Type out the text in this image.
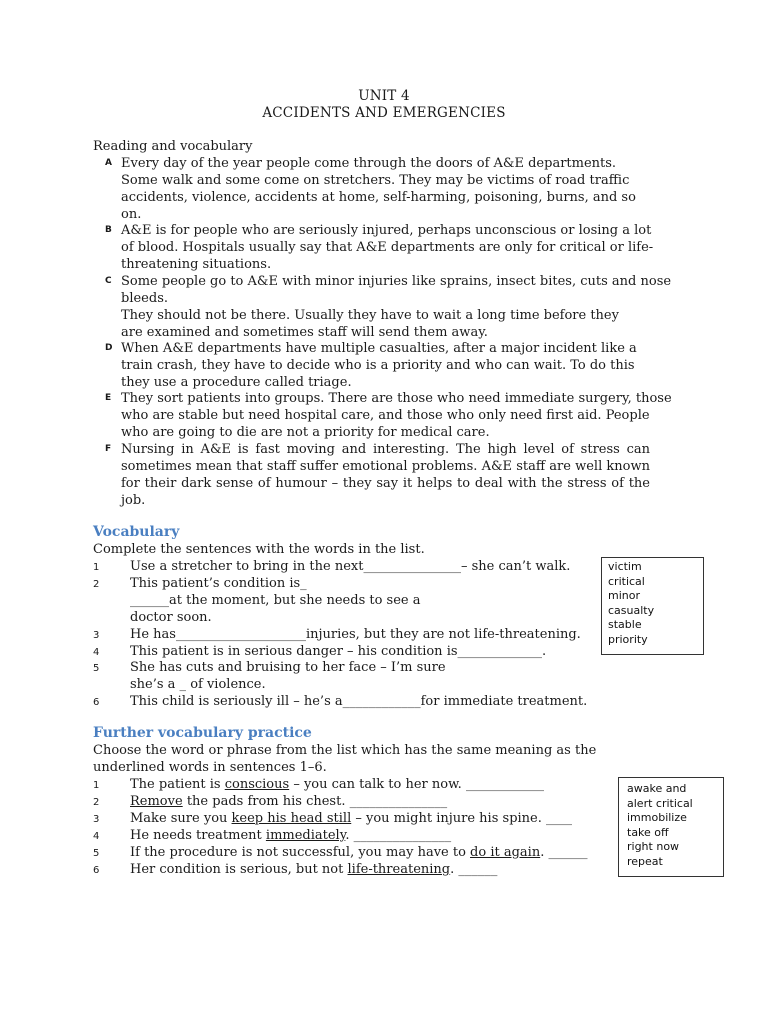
UNIT 4
ACCIDENTS AND EMERGENCIES
Reading and vocabulary
A Every day of the year people come through the doors of A&E departments.
Some walk and some come on stretchers. They may be victims of road traffic
accidents, violence, accidents at home, self-harming, poisoning, burns, and so
on.
B A&E is for people who are seriously injured, perhaps unconscious or losing a lot
of blood. Hospitals usually say that A&E departments are only for critical or life-
threatening situations.
C Some people go to A&E with minor injuries like sprains, insect bites, cuts and nose
bleeds.
They should not be there. Usually they have to wait a long time before they
are examined and sometimes staff will send them away.
D When A&E departments have multiple casualties, after a major incident like a
train crash, they have to decide who is a priority and who can wait. To do this
they use a procedure called triage.
E They sort patients into groups. There are those who need immediate surgery, those
who are stable but need hospital care, and those who only need first aid. People
who are going to die are not a priority for medical care.
F Nursing in A&E is fast moving and interesting. The high level of stress can
sometimes mean that staff suffer emotional problems. A&E staff are well known
for their dark sense of humour – they say it helps to deal with the stress of the
job.
Vocabulary
Complete the sentences with the words in the list.
1 Use a stretcher to bring in the next_______________– she can’t walk.
2 This patient’s condition is_
______at the moment, but she needs to see a
doctor soon.
3 He has____________________injuries, but they are not life-threatening.
4 This patient is in serious danger – his condition is_____________.
5 She has cuts and bruising to her face – I’m sure
she’s a _ of violence.
6 This child is seriously ill – he’s a____________for immediate treatment.
victim
critical
minor
casualty
stable
priority
Further vocabulary practice
Choose the word or phrase from the list which has the same meaning as the
underlined words in sentences 1–6.
1 The patient is conscious – you can talk to her now. ____________
2 Remove the pads from his chest. _______________
3 Make sure you keep his head still – you might injure his spine. ____
4 He needs treatment immediately. _______________
5 If the procedure is not successful, you may have to do it again. ______
6 Her condition is serious, but not life-threatening. ______
awake and
alert critical
immobilize
take off
right now
repeat
